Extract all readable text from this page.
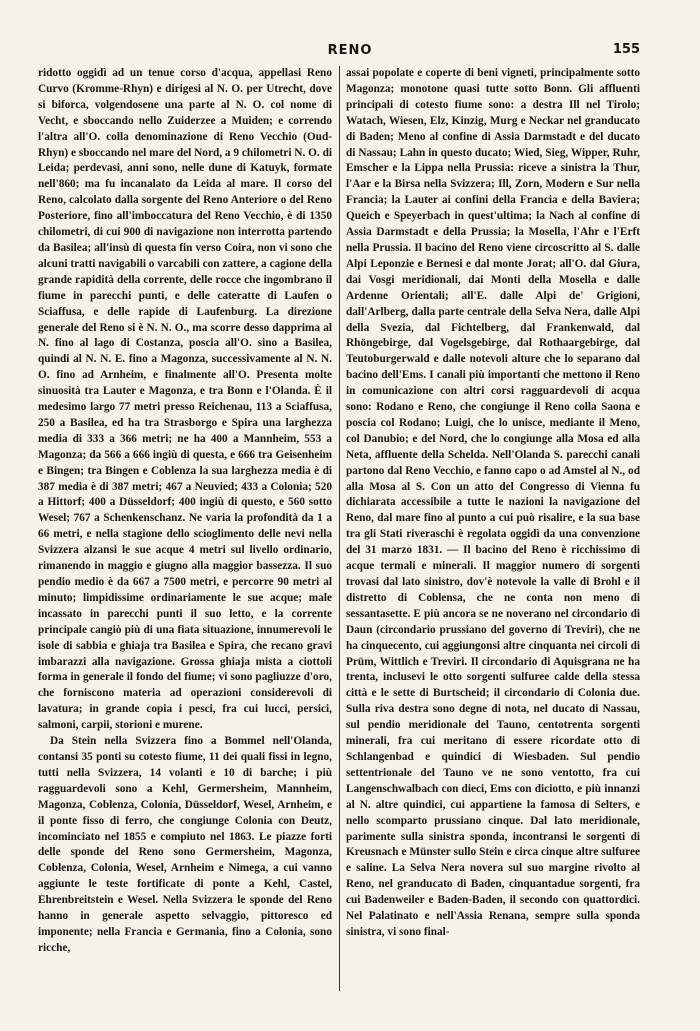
RENO	155

ridotto oggidì ad un tenue corso d'acqua, appellasi Reno Curvo (Kromme-Rhyn) e dirigesi al N. O. per Utrecht, dove si biforca, volgendosene una parte al N. O. col nome di Vecht, e sboccando nello Zuiderzee a Muiden; e correndo l'altra all'O. colla denominazione di Reno Vecchio (Oud-Rhyn) e sboccando nel mare del Nord, a 9 chilometri N. O. di Leida; perdevasi, anni sono, nelle dune di Katuyk, formate nell'860; ma fu incanalato da Leida al mare. Il corso del Reno, calcolato dalla sorgente del Reno Anteriore o del Reno Posteriore, fino all'imboccatura del Reno Vecchio, è di 1350 chilometri, di cui 900 di navigazione non interrotta partendo da Basilea; all'insù di questa fin verso Coira, non vi sono che alcuni tratti navigabili o varcabili con zattere, a cagione della grande rapidità della corrente, delle rocce che ingombrano il fiume in parecchi punti, e delle cateratte di Laufen o Sciaffusa, e delle rapide di Laufenburg. La direzione generale del Reno si è N. N. O., ma scorre desso dapprima al N. fino al lago di Costanza, poscia all'O. sino a Basilea, quindi al N. N. E. fino a Magonza, successivamente al N. N. O. fino ad Arnheim, e finalmente all'O. Presenta molte sinuosità tra Lauter e Magonza, e tra Bonn e l'Olanda. È il medesimo largo 77 metri presso Reichenau, 113 a Sciaffusa, 250 a Basilea, ed ha tra Strasborgo e Spira una larghezza media di 333 a 366 metri; ne ha 400 a Mannheim, 553 a Magonza; da 566 a 666 ingiù di questa, e 666 tra Geisenheim e Bingen; tra Bingen e Coblenza la sua larghezza media è di 387 media è di 387 metri; 467 a Neuvied; 433 a Colonia; 520 a Hittorf; 400 a Düsseldorf; 400 ingiù di questo, e 560 sotto Wesel; 767 a Schenkenschanz. Ne varia la profondità da 1 a 66 metri, e nella stagione dello scioglimento delle nevi nella Svizzera alzansi le sue acque 4 metri sul livello ordinario, rimanendo in maggio e giugno alla maggior bassezza. Il suo pendio medio è da 667 a 7500 metri, e percorre 90 metri al minuto; limpidissime ordinariamente le sue acque; male incassato in parecchi punti il suo letto, e la corrente principale cangiò più di una fiata situazione, innumerevoli le isole di sabbia e ghiaja tra Basilea e Spira, che recano gravi imbarazzi alla navigazione. Grossa ghiaja mista a ciottoli forma in generale il fondo del fiume; vi sono pagliuzze d'oro, che forniscono materia ad operazioni considerevoli di lavatura; in grande copia i pesci, fra cui lucci, persici, salmoni, carpii, storioni e murene.

Da Stein nella Svizzera fino a Bommel nell'Olanda, contansi 35 ponti su cotesto fiume, 11 dei quali fissi in legno, tutti nella Svizzera, 14 volanti e 10 di barche; i più ragguardevoli sono a Kehl, Germersheim, Mannheim, Magonza, Coblenza, Colonia, Düsseldorf, Wesel, Arnheim, e il ponte fisso di ferro, che congiunge Colonia con Deutz, incominciato nel 1855 e compiuto nel 1863. Le piazze forti delle sponde del Reno sono Germersheim, Magonza, Coblenza, Colonia, Wesel, Arnheim e Nimega, a cui vanno aggiunte le teste fortificate di ponte a Kehl, Castel, Ehrenbreitstein e Wesel. Nella Svizzera le sponde del Reno hanno in generale aspetto selvaggio, pittoresco ed imponente; nella Francia e Germania, fino a Colonia, sono ricche,

assai popolate e coperte di beni vigneti, principalmente sotto Magonza; monotone quasi tutte sotto Bonn. Gli affluenti principali di cotesto fiume sono: a destra Ill nel Tirolo; Watach, Wiesen, Elz, Kinzig, Murg e Neckar nel granducato di Baden; Meno al confine di Assia Darmstadt e del ducato di Nassau; Lahn in questo ducato; Wied, Sieg, Wipper, Ruhr, Emscher e la Lippa nella Prussia: riceve a sinistra la Thur, l'Aar e la Birsa nella Svizzera; Ill, Zorn, Modern e Sur nella Francia; la Lauter ai confini della Francia e della Baviera; Queich e Speyerbach in quest'ultima; la Nach al confine di Assia Darmstadt e della Prussia; la Mosella, l'Ahr e l'Erft nella Prussia. Il bacino del Reno viene circoscritto al S. dalle Alpi Leponzie e Bernesi e dal monte Jorat; all'O. dal Giura, dai Vosgi meridionali, dai Monti della Mosella e dalle Ardenne Orientali; all'E. dalle Alpi de' Grigioni, dall'Arlberg, dalla parte centrale della Selva Nera, dalle Alpi della Svezia, dal Fichtelberg, dal Frankenwald, dal Rhöngebirge, dal Vogelsgebirge, dal Rothaargebirge, dal Teutoburgerwald e dalle notevoli alture che lo separano dal bacino dell'Ems. I canali più importanti che mettono il Reno in comunicazione con altri corsi ragguardevoli di acqua sono: Rodano e Reno, che congiunge il Reno colla Saona e poscia col Rodano; Luigi, che lo unisce, mediante il Meno, col Danubio; e del Nord, che lo congiunge alla Mosa ed alla Neta, affluente della Schelda. Nell'Olanda S. parecchi canali partono dal Reno Vecchio, e fanno capo o ad Amstel al N., od alla Mosa al S. Con un atto del Congresso di Vienna fu dichiarata accessibile a tutte le nazioni la navigazione del Reno, dal mare fino al punto a cui può risalire, e la sua base tra gli Stati riveraschi è regolata oggidì da una convenzione del 31 marzo 1831. — Il bacino del Reno è ricchissimo di acque termali e minerali. Il maggior numero di sorgenti trovasi dal lato sinistro, dov'è notevole la valle di Brohl e il distretto di Coblensa, che ne conta non meno di sessantasette. E più ancora se ne noverano nel circondario di Daun (circondario prussiano del governo di Treviri), che ne ha cinquecento, cui aggiungonsi altre cinquanta nei circoli di Prüm, Wittlich e Treviri. Il circondario di Aquisgrana ne ha trenta, inclusevi le otto sorgenti sulfuree calde della stessa città e le sette di Burtscheid; il circondario di Colonia due. Sulla riva destra sono degne di nota, nel ducato di Nassau, sul pendio meridionale del Tauno, centotrenta sorgenti minerali, fra cui meritano di essere ricordate otto di Schlangenbad e quindici di Wiesbaden. Sul pendio settentrionale del Tauno ve ne sono ventotto, fra cui Langenschwalbach con dieci, Ems con diciotto, e più innanzi al N. altre quindici, cui appartiene la famosa di Selters, e nello scomparto prussiano cinque. Dal lato meridionale, parimente sulla sinistra sponda, incontransi le sorgenti di Kreusnach e Münster sullo Stein e circa cinque altre sulfuree e saline. La Selva Nera novera sul suo margine rivolto al Reno, nel granducato di Baden, cinquantadue sorgenti, fra cui Badenweiler e Baden-Baden, il secondo con quattordici. Nel Palatinato e nell'Assia Renana, sempre sulla sponda sinistra, vi sono final-
